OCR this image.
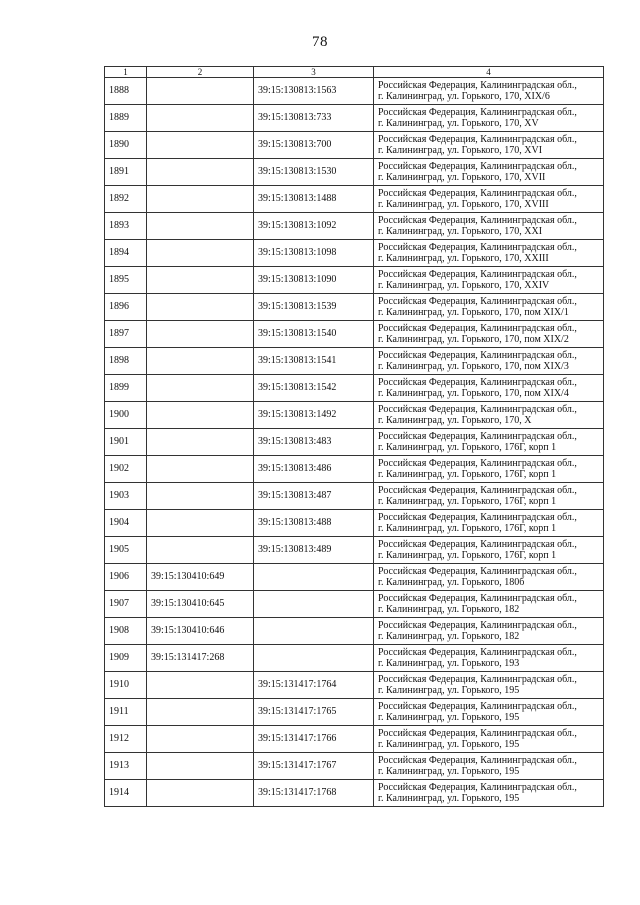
78
1	2	3	4
1888		39:15:130813:1563	Российская Федерация, Калининградская обл.,
г. Калининград, ул. Горького, 170, XIX/6

1889		39:15:130813:733	Российская Федерация, Калининградская обл.,
г. Калининград, ул. Горького, 170, XV

1890		39:15:130813:700	Российская Федерация, Калининградская обл.,
г. Калининград, ул. Горького, 170, XVI

1891		39:15:130813:1530	Российская Федерация, Калининградская обл.,
г. Калининград, ул. Горького, 170, XVII

1892		39:15:130813:1488	Российская Федерация, Калининградская обл.,
г. Калининград, ул. Горького, 170, XVIII

1893		39:15:130813:1092	Российская Федерация, Калининградская обл.,
г. Калининград, ул. Горького, 170, XXI

1894		39:15:130813:1098	Российская Федерация, Калининградская обл.,
г. Калининград, ул. Горького, 170, XXIII

1895		39:15:130813:1090	Российская Федерация, Калининградская обл.,
г. Калининград, ул. Горького, 170, XXIV

1896		39:15:130813:1539	Российская Федерация, Калининградская обл.,
г. Калининград, ул. Горького, 170, пом XIX/1

1897		39:15:130813:1540	Российская Федерация, Калининградская обл.,
г. Калининград, ул. Горького, 170, пом XIX/2

1898		39:15:130813:1541	Российская Федерация, Калининградская обл.,
г. Калининград, ул. Горького, 170, пом XIX/3

1899		39:15:130813:1542	Российская Федерация, Калининградская обл.,
г. Калининград, ул. Горького, 170, пом XIX/4

1900		39:15:130813:1492	Российская Федерация, Калининградская обл.,
г. Калининград, ул. Горького, 170, X

1901		39:15:130813:483	Российская Федерация, Калининградская обл.,
г. Калининград, ул. Горького, 176Г, корп 1

1902		39:15:130813:486	Российская Федерация, Калининградская обл.,
г. Калининград, ул. Горького, 176Г, корп 1

1903		39:15:130813:487	Российская Федерация, Калининградская обл.,
г. Калининград, ул. Горького, 176Г, корп 1

1904		39:15:130813:488	Российская Федерация, Калининградская обл.,
г. Калининград, ул. Горького, 176Г, корп 1

1905		39:15:130813:489	Российская Федерация, Калининградская обл.,
г. Калининград, ул. Горького, 176Г, корп 1

1906	39:15:130410:649		Российская Федерация, Калининградская обл.,
г. Калининград, ул. Горького, 180б

1907	39:15:130410:645		Российская Федерация, Калининградская обл.,
г. Калининград, ул. Горького, 182

1908	39:15:130410:646		Российская Федерация, Калининградская обл.,
г. Калининград, ул. Горького, 182

1909	39:15:131417:268		Российская Федерация, Калининградская обл.,
г. Калининград, ул. Горького, 193

1910		39:15:131417:1764	Российская Федерация, Калининградская обл.,
г. Калининград, ул. Горького, 195

1911		39:15:131417:1765	Российская Федерация, Калининградская обл.,
г. Калининград, ул. Горького, 195

1912		39:15:131417:1766	Российская Федерация, Калининградская обл.,
г. Калининград, ул. Горького, 195

1913		39:15:131417:1767	Российская Федерация, Калининградская обл.,
г. Калининград, ул. Горького, 195

1914		39:15:131417:1768	Российская Федерация, Калининградская обл.,
г. Калининград, ул. Горького, 195
